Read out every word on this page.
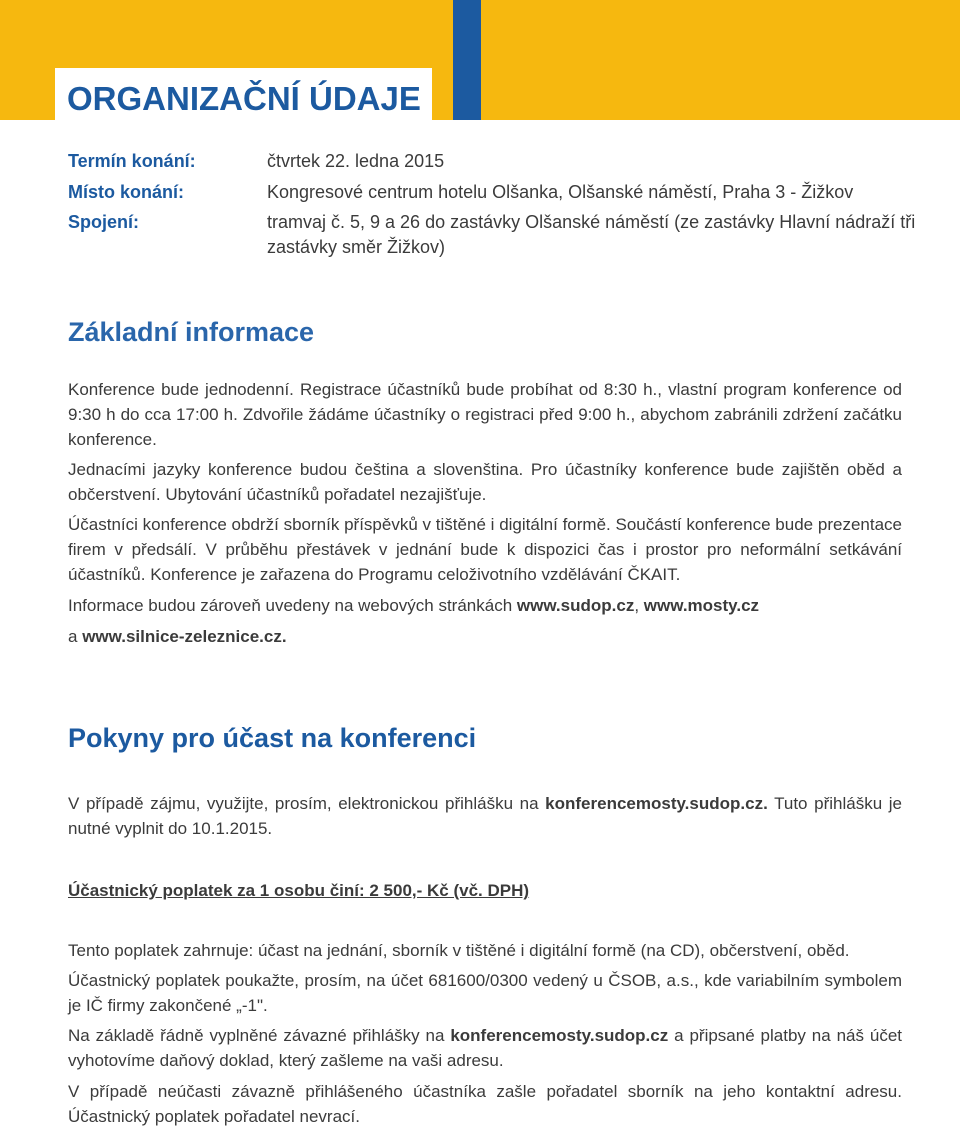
ORGANIZAČNÍ ÚDAJE
Termín konání:	čtvrtek 22. ledna 2015
Místo konání:	Kongresové centrum hotelu Olšanka, Olšanské náměstí, Praha 3 - Žižkov
Spojení:	tramvaj č. 5, 9 a 26 do zastávky Olšanské náměstí (ze zastávky Hlavní nádraží tři zastávky směr Žižkov)
Základní informace

Konference bude jednodenní. Registrace účastníků bude probíhat od 8:30 h., vlastní program konference od 9:30 h do cca 17:00 h. Zdvořile žádáme účastníky o registraci před 9:00 h., abychom zabránili zdržení začátku konference.

Jednacími jazyky konference budou čeština a slovenština. Pro účastníky konference bude zajištěn oběd a občerstvení. Ubytování účastníků pořadatel nezajišťuje.

Účastníci konference obdrží sborník příspěvků v tištěné i digitální formě. Součástí konference bude prezentace firem v předsálí. V průběhu přestávek v jednání bude k dispozici čas i prostor pro neformální setkávání účastníků. Konference je zařazena do Programu celoživotního vzdělávání ČKAIT.

Informace budou zároveň uvedeny na webových stránkách www.sudop.cz, www.mosty.cz
a www.silnice-zeleznice.cz.

Pokyny pro účast na konferenci

V případě zájmu, využijte, prosím, elektronickou přihlášku na konferencemosty.sudop.cz. Tuto přihlášku je nutné vyplnit do 10.1.2015.

Účastnický poplatek za 1 osobu činí: 2 500,- Kč (vč. DPH)

Tento poplatek zahrnuje: účast na jednání, sborník v tištěné i digitální formě (na CD), občerstvení, oběd.

Účastnický poplatek poukažte, prosím, na účet 681600/0300 vedený u ČSOB, a.s., kde variabilním symbolem je IČ firmy zakončené „-1".

Na základě řádně vyplněné závazné přihlášky na konferencemosty.sudop.cz a připsané platby na náš účet vyhotovíme daňový doklad, který zašleme na vaši adresu.

V případě neúčasti závazně přihlášeného účastníka zašle pořadatel sborník na jeho kontaktní adresu. Účastnický poplatek pořadatel nevrací.
